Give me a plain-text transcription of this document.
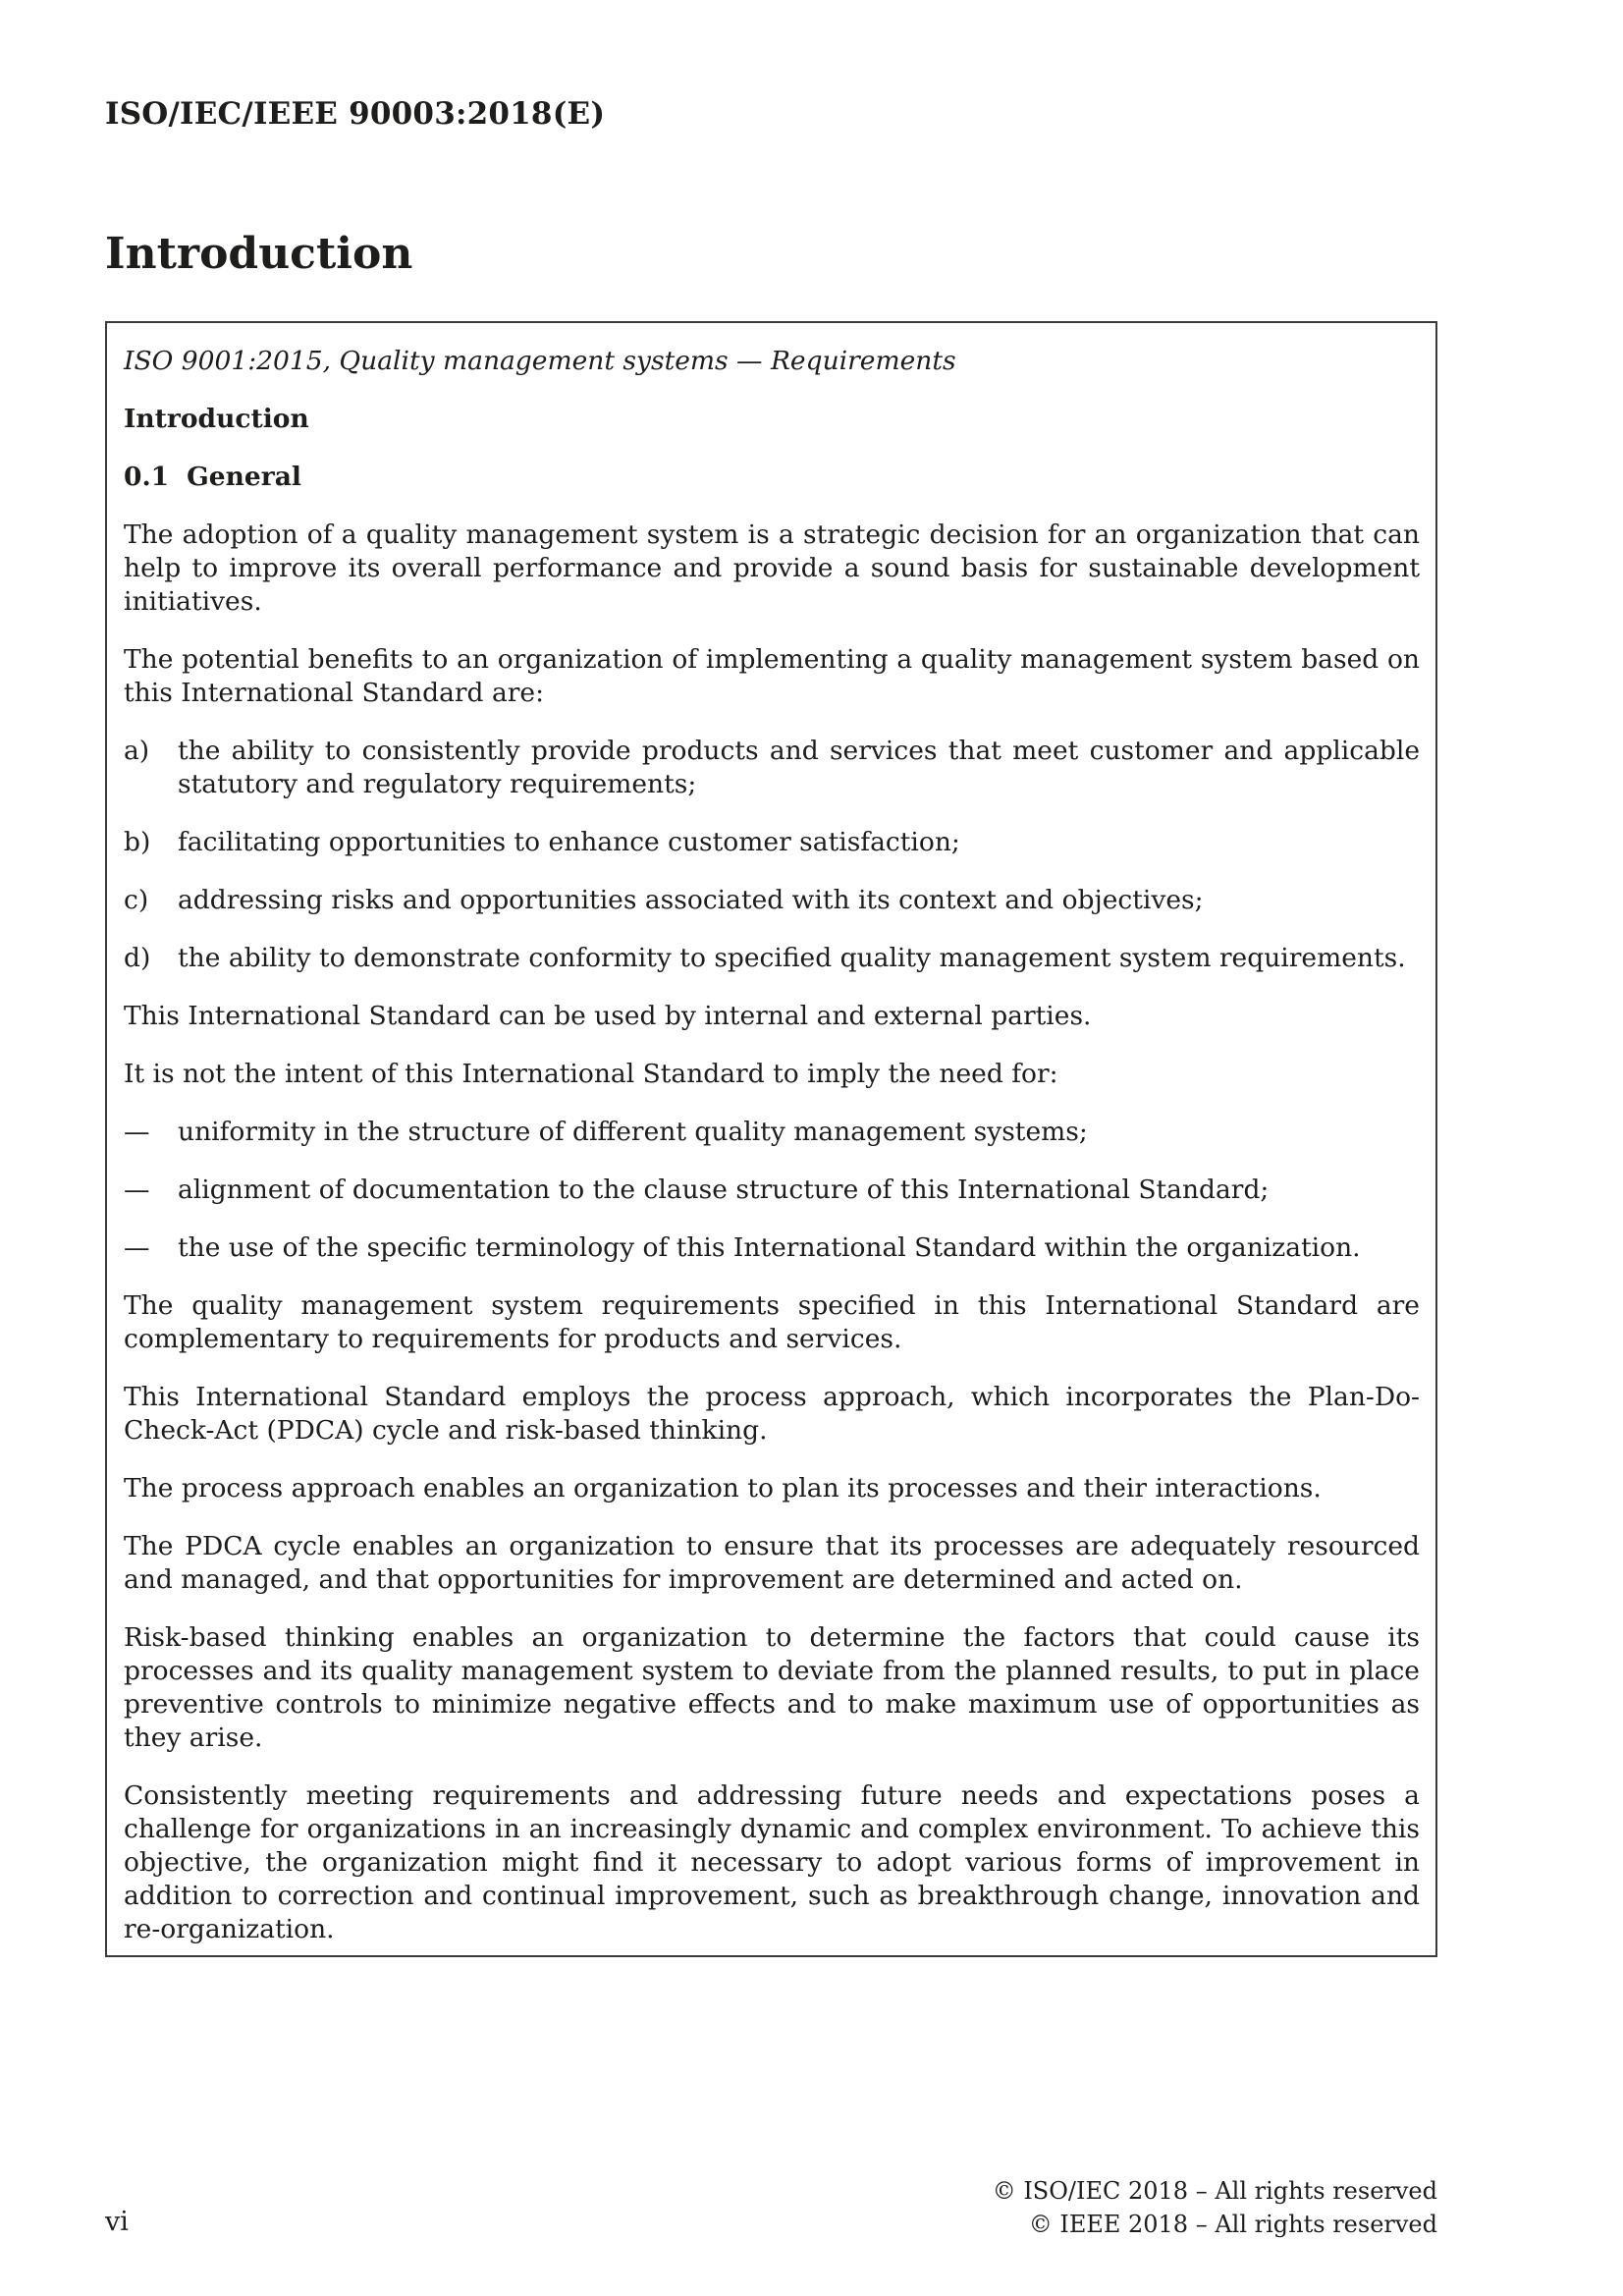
ISO/IEC/IEEE 90003:2018(E)
Introduction

ISO 9001:2015, Quality management systems — Requirements

Introduction

0.1 General

The adoption of a quality management system is a strategic decision for an organization that can help to improve its overall performance and provide a sound basis for sustainable development initiatives.

The potential benefits to an organization of implementing a quality management system based on this International Standard are:

a)	the ability to consistently provide products and services that meet customer and applicable statutory and regulatory requirements;
b)	facilitating opportunities to enhance customer satisfaction;
c)	addressing risks and opportunities associated with its context and objectives;
d)	the ability to demonstrate conformity to specified quality management system requirements.

This International Standard can be used by internal and external parties.

It is not the intent of this International Standard to imply the need for:

—	uniformity in the structure of different quality management systems;
—	alignment of documentation to the clause structure of this International Standard;
—	the use of the specific terminology of this International Standard within the organization.

The quality management system requirements specified in this International Standard are complementary to requirements for products and services.

This International Standard employs the process approach, which incorporates the Plan-Do-Check-Act (PDCA) cycle and risk-based thinking.

The process approach enables an organization to plan its processes and their interactions.

The PDCA cycle enables an organization to ensure that its processes are adequately resourced and managed, and that opportunities for improvement are determined and acted on.

Risk-based thinking enables an organization to determine the factors that could cause its processes and its quality management system to deviate from the planned results, to put in place preventive controls to minimize negative effects and to make maximum use of opportunities as they arise.

Consistently meeting requirements and addressing future needs and expectations poses a challenge for organizations in an increasingly dynamic and complex environment. To achieve this objective, the organization might find it necessary to adopt various forms of improvement in addition to correction and continual improvement, such as breakthrough change, innovation and re-organization.

vi
© ISO/IEC 2018 – All rights reserved
© IEEE 2018 – All rights reserved
